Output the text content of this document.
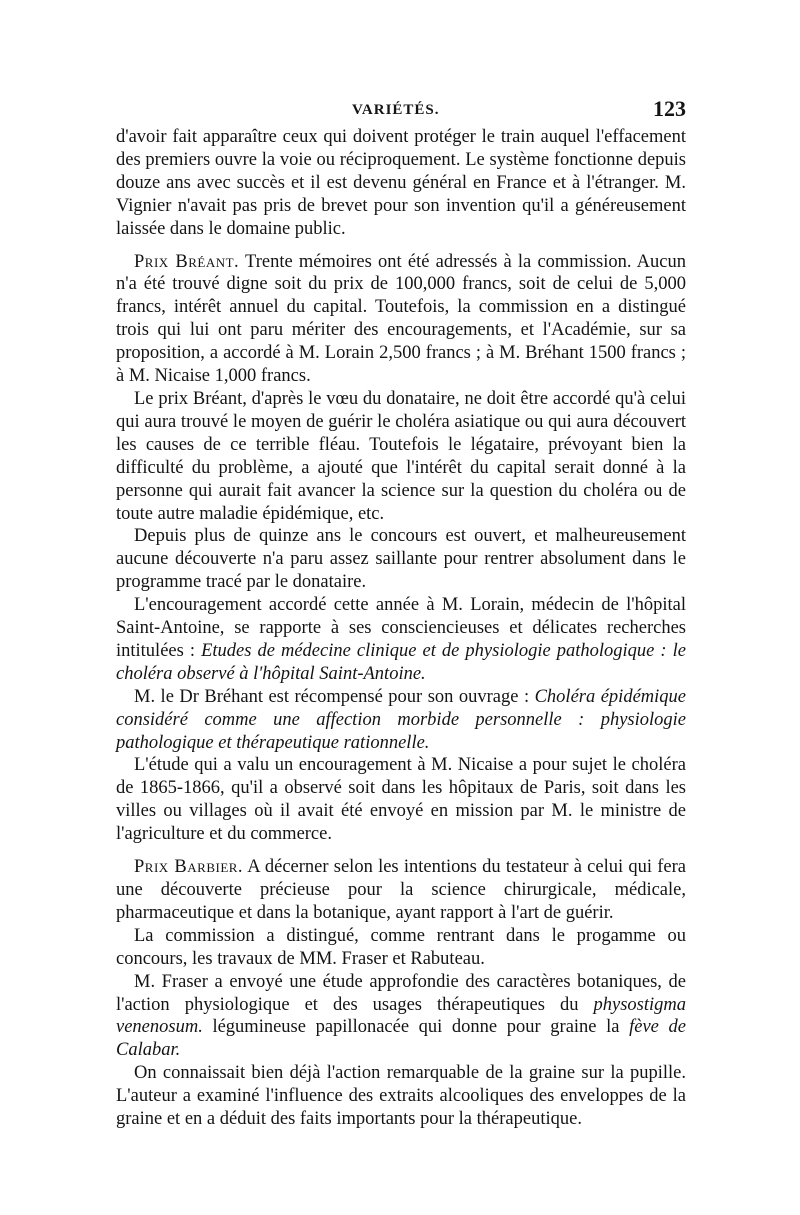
VARIÉTÉS.	123

d'avoir fait apparaître ceux qui doivent protéger le train auquel l'effacement des premiers ouvre la voie ou réciproquement. Le système fonctionne depuis douze ans avec succès et il est devenu général en France et à l'étranger. M. Vignier n'avait pas pris de brevet pour son invention qu'il a généreusement laissée dans le domaine public.

Prix Bréant. Trente mémoires ont été adressés à la commission. Aucun n'a été trouvé digne soit du prix de 100,000 francs, soit de celui de 5,000 francs, intérêt annuel du capital. Toutefois, la commission en a distingué trois qui lui ont paru mériter des encouragements, et l'Académie, sur sa proposition, a accordé à M. Lorain 2,500 francs ; à M. Bréhant 1500 francs ; à M. Nicaise 1,000 francs.

Le prix Bréant, d'après le vœu du donataire, ne doit être accordé qu'à celui qui aura trouvé le moyen de guérir le choléra asiatique ou qui aura découvert les causes de ce terrible fléau. Toutefois le légataire, prévoyant bien la difficulté du problème, a ajouté que l'intérêt du capital serait donné à la personne qui aurait fait avancer la science sur la question du choléra ou de toute autre maladie épidémique, etc.

Depuis plus de quinze ans le concours est ouvert, et malheureusement aucune découverte n'a paru assez saillante pour rentrer absolument dans le programme tracé par le donataire.

L'encouragement accordé cette année à M. Lorain, médecin de l'hôpital Saint-Antoine, se rapporte à ses consciencieuses et délicates recherches intitulées : Etudes de médecine clinique et de physiologie pathologique : le choléra observé à l'hôpital Saint-Antoine.

M. le Dr Bréhant est récompensé pour son ouvrage : Choléra épidémique considéré comme une affection morbide personnelle : physiologie pathologique et thérapeutique rationnelle.

L'étude qui a valu un encouragement à M. Nicaise a pour sujet le choléra de 1865-1866, qu'il a observé soit dans les hôpitaux de Paris, soit dans les villes ou villages où il avait été envoyé en mission par M. le ministre de l'agriculture et du commerce.

Prix Barbier. A décerner selon les intentions du testateur à celui qui fera une découverte précieuse pour la science chirurgicale, médicale, pharmaceutique et dans la botanique, ayant rapport à l'art de guérir.

La commission a distingué, comme rentrant dans le progamme ou concours, les travaux de MM. Fraser et Rabuteau.

M. Fraser a envoyé une étude approfondie des caractères botaniques, de l'action physiologique et des usages thérapeutiques du physostigma venenosum. légumineuse papillonacée qui donne pour graine la fève de Calabar.

On connaissait bien déjà l'action remarquable de la graine sur la pupille. L'auteur a examiné l'influence des extraits alcooliques des enveloppes de la graine et en a déduit des faits importants pour la thérapeutique.
